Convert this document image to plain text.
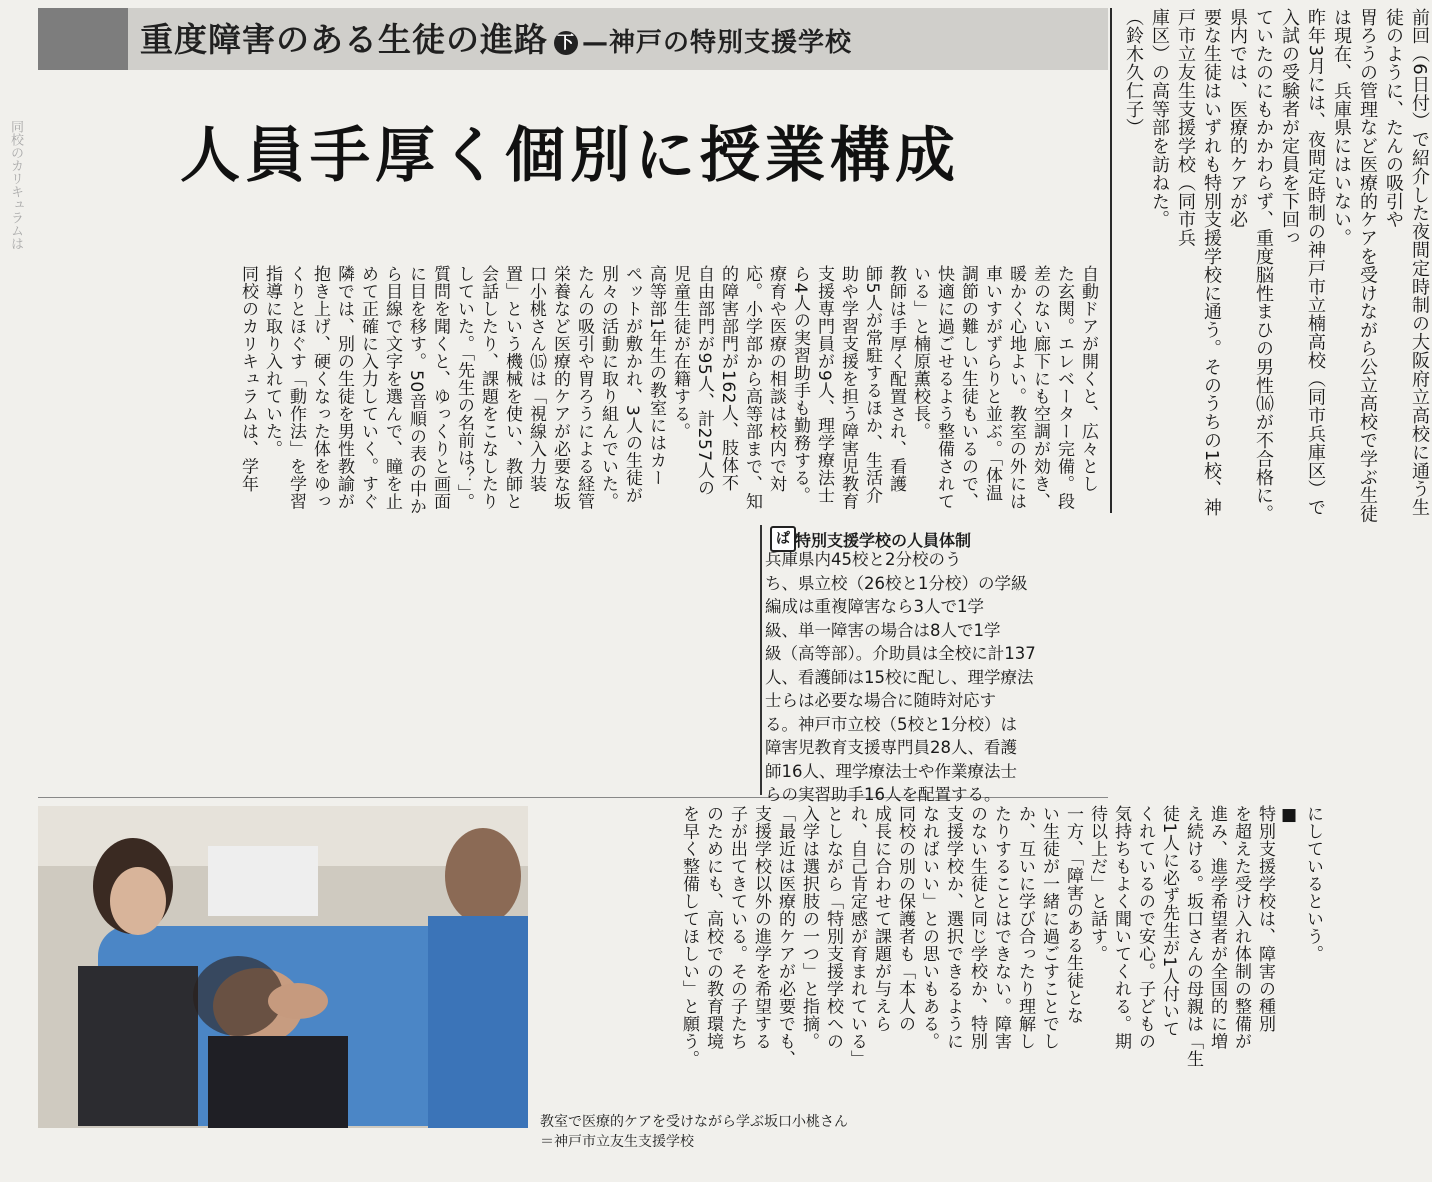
同校のカリキュラムは
重度障害のある生徒の進路 下 —神戸の特別支援学校
人員手厚く個別に授業構成	前回（6日付）で紹介した夜間定時制の大阪府立高校に通う生徒のように、たんの吸引や
胃ろうの管理など医療的ケアを受けながら公立高校で学ぶ生徒は現在、兵庫県にはいない。
昨年3月には、夜間定時制の神戸市立楠高校（同市兵庫区）で入試の受験者が定員を下回っ
ていたのにもかかわらず、重度脳性まひの男性⒃が不合格に。県内では、医療的ケアが必
要な生徒はいずれも特別支援学校に通う。そのうちの1校、神戸市立友生支援学校（同市兵
庫区）の高等部を訪ねた。
（鈴木久仁子）
自動ドアが開くと、広々とし
た玄関。エレベーター完備。段
差のない廊下にも空調が効き、
暖かく心地よい。教室の外には
車いすがずらりと並ぶ。「体温
調節の難しい生徒もいるので、
快適に過ごせるよう整備されて
いる」と楠原薫校長。
教師は手厚く配置され、看護
師5人が常駐するほか、生活介
助や学習支援を担う障害児教育
支援専門員が9人、理学療法士
ら4人の実習助手も勤務する。
療育や医療の相談は校内で対
応。小学部から高等部まで、知
的障害部門が162人、肢体不
自由部門が95人、計257人の
児童生徒が在籍する。
高等部1年生の教室にはカー
ペットが敷かれ、3人の生徒が
別々の活動に取り組んでいた。
たんの吸引や胃ろうによる経管
栄養など医療的ケアが必要な坂
口小桃さん⒂は「視線入力装
置」という機械を使い、教師と
会話したり、課題をこなしたり
していた。「先生の名前は？」。
質問を聞くと、ゆっくりと画面
に目を移す。50音順の表の中か
ら目線で文字を選んで、瞳を止
めて正確に入力していく。すぐ
隣では、別の生徒を男性教諭が
抱き上げ、硬くなった体をゆっ
くりとほぐす「動作法」を学習
指導に取り入れていた。
同校のカリキュラムは、学年
ぱ 特別支援学校の人員体制
兵庫県内45校と2分校のう
ち、県立校（26校と1分校）の学級
編成は重複障害なら3人で1学
級、単一障害の場合は8人で1学
級（高等部）。介助員は全校に計137
人、看護師は15校に配し、理学療法
士らは必要な場合に随時対応す
る。神戸市立校（5校と1分校）は
障害児教育支援専門員28人、看護
師16人、理学療法士や作業療法士
らの実習助手16人を配置する。
にしているという。
■
特別支援学校は、障害の種別
を超えた受け入れ体制の整備が
進み、進学希望者が全国的に増
え続ける。坂口さんの母親は「生
徒1人に必ず先生が1人付いて
くれているので安心。子どもの
気持ちもよく聞いてくれる。期
待以上だ」と話す。
一方、「障害のある生徒とな
い生徒が一緒に過ごすことでし
か、互いに学び合ったり理解し
たりすることはできない。障害
のない生徒と同じ学校か、特別
支援学校か、選択できるように
なればいい」との思いもある。
同校の別の保護者も「本人の
成長に合わせて課題が与えら
れ、自己肯定感が育まれている」
としながら「特別支援学校への
入学は選択肢の一つ」と指摘。
「最近は医療的ケアが必要でも、
支援学校以外の進学を希望する
子が出てきている。その子たち
のためにも、高校での教育環境
を早く整備してほしい」と願う。
教室で医療的ケアを受けながら学ぶ坂口小桃さん
＝神戸市立友生支援学校
